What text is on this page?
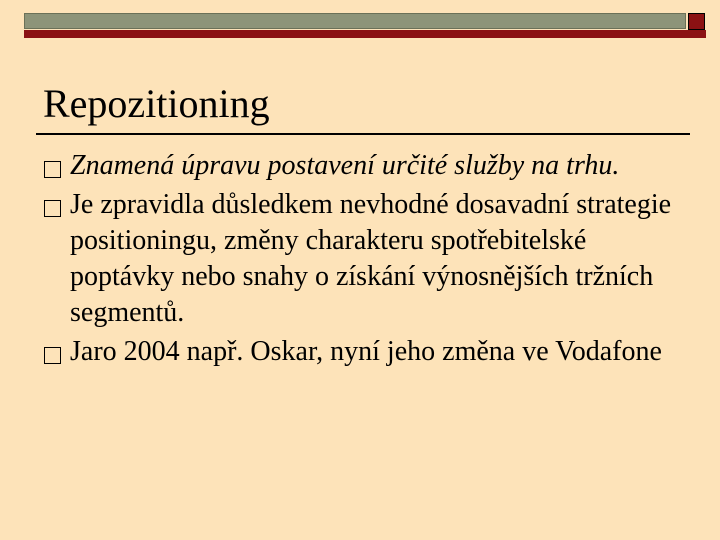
Repozitioning
Znamená úpravu postavení určité služby na trhu.
Je zpravidla důsledkem nevhodné dosavadní strategie positioningu, změny charakteru spotřebitelské poptávky nebo snahy o získání výnosnějších tržních segmentů.
Jaro 2004 např. Oskar, nyní jeho změna ve Vodafone
